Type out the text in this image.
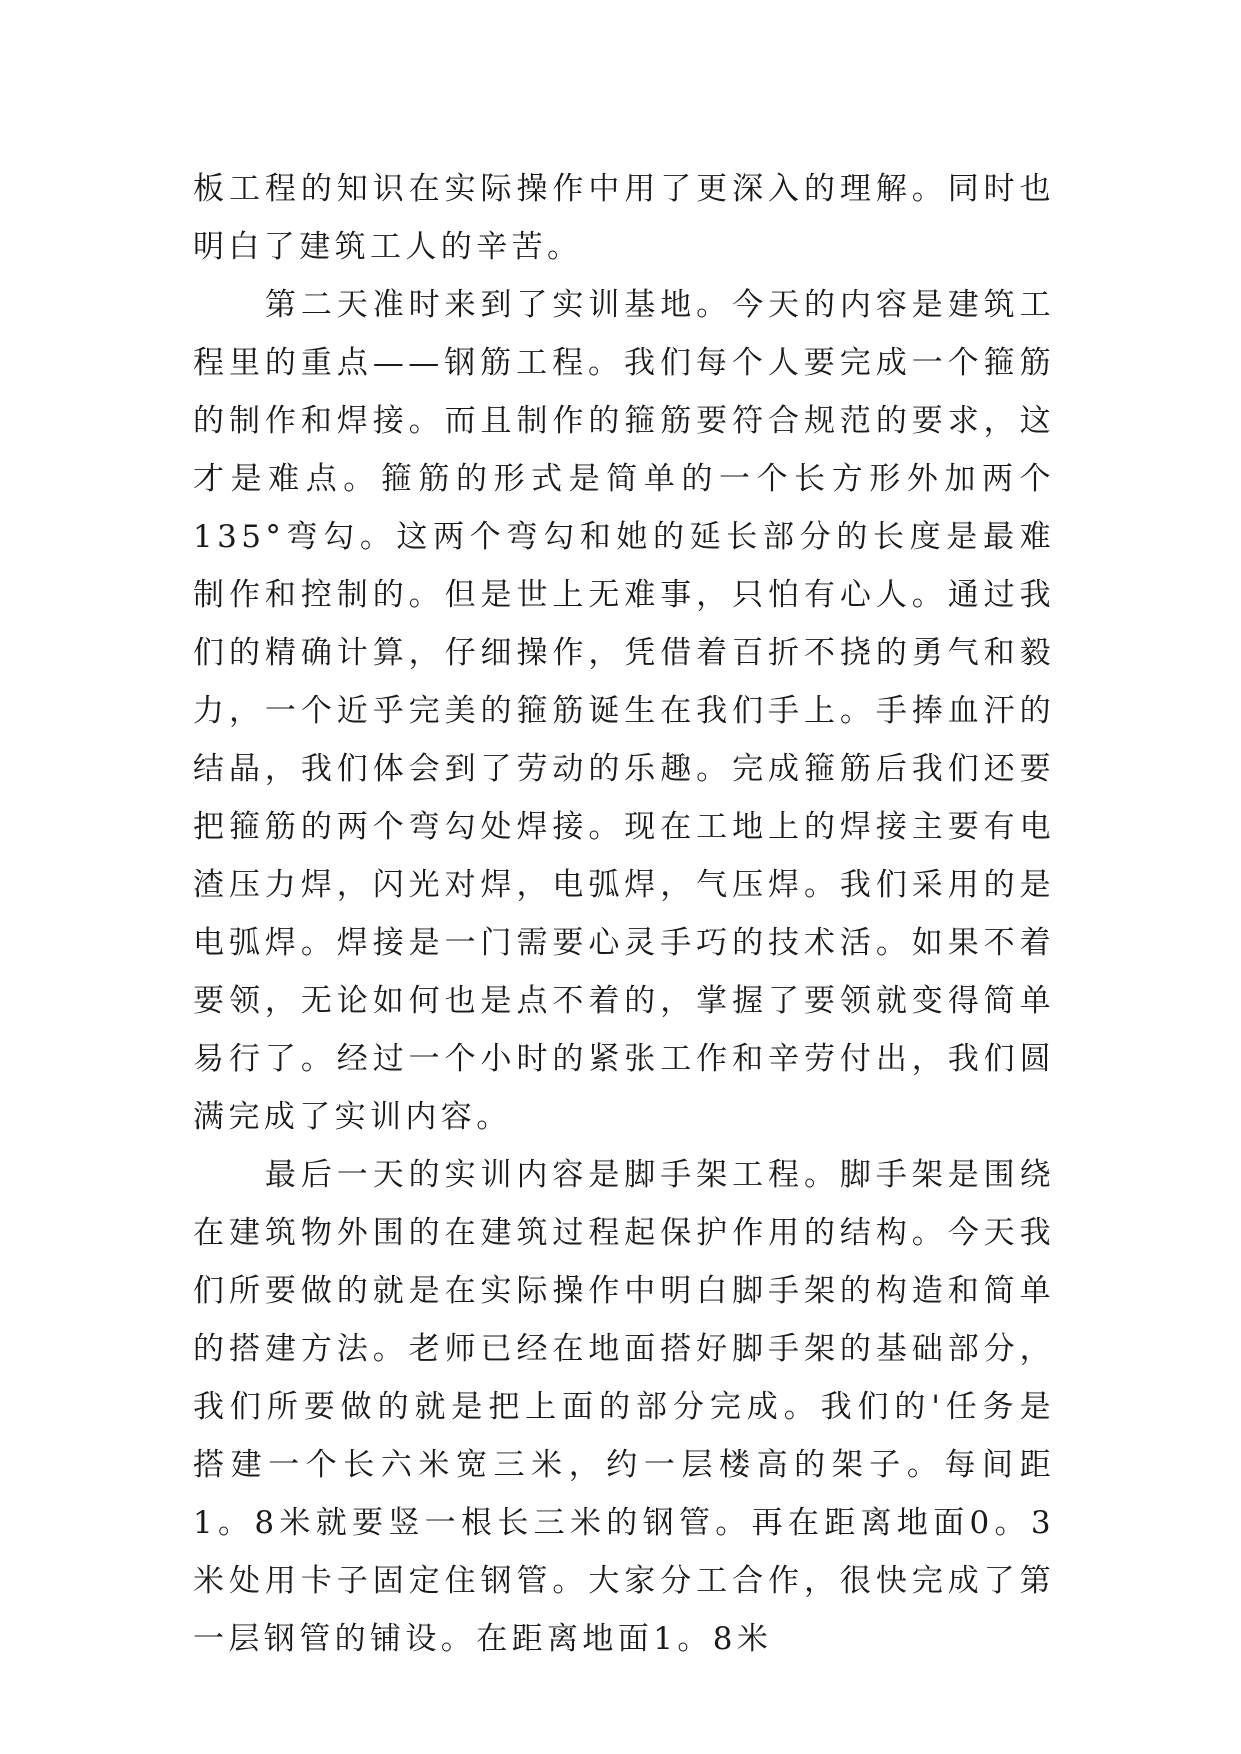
板工程的知识在实际操作中用了更深入的理解。同时也明白了建筑工人的辛苦。

　　第二天准时来到了实训基地。今天的内容是建筑工程里的重点——钢筋工程。我们每个人要完成一个箍筋的制作和焊接。而且制作的箍筋要符合规范的要求，这才是难点。箍筋的形式是简单的一个长方形外加两个135°弯勾。这两个弯勾和她的延长部分的长度是最难制作和控制的。但是世上无难事，只怕有心人。通过我们的精确计算，仔细操作，凭借着百折不挠的勇气和毅力，一个近乎完美的箍筋诞生在我们手上。手捧血汗的结晶，我们体会到了劳动的乐趣。完成箍筋后我们还要把箍筋的两个弯勾处焊接。现在工地上的焊接主要有电渣压力焊，闪光对焊，电弧焊，气压焊。我们采用的是电弧焊。焊接是一门需要心灵手巧的技术活。如果不着要领，无论如何也是点不着的，掌握了要领就变得简单易行了。经过一个小时的紧张工作和辛劳付出，我们圆满完成了实训内容。

　　最后一天的实训内容是脚手架工程。脚手架是围绕在建筑物外围的在建筑过程起保护作用的结构。今天我们所要做的就是在实际操作中明白脚手架的构造和简单的搭建方法。老师已经在地面搭好脚手架的基础部分，我们所要做的就是把上面的部分完成。我们的'任务是搭建一个长六米宽三米，约一层楼高的架子。每间距1。8米就要竖一根长三米的钢管。再在距离地面0。3米处用卡子固定住钢管。大家分工合作，很快完成了第一层钢管的铺设。在距离地面1。8米
